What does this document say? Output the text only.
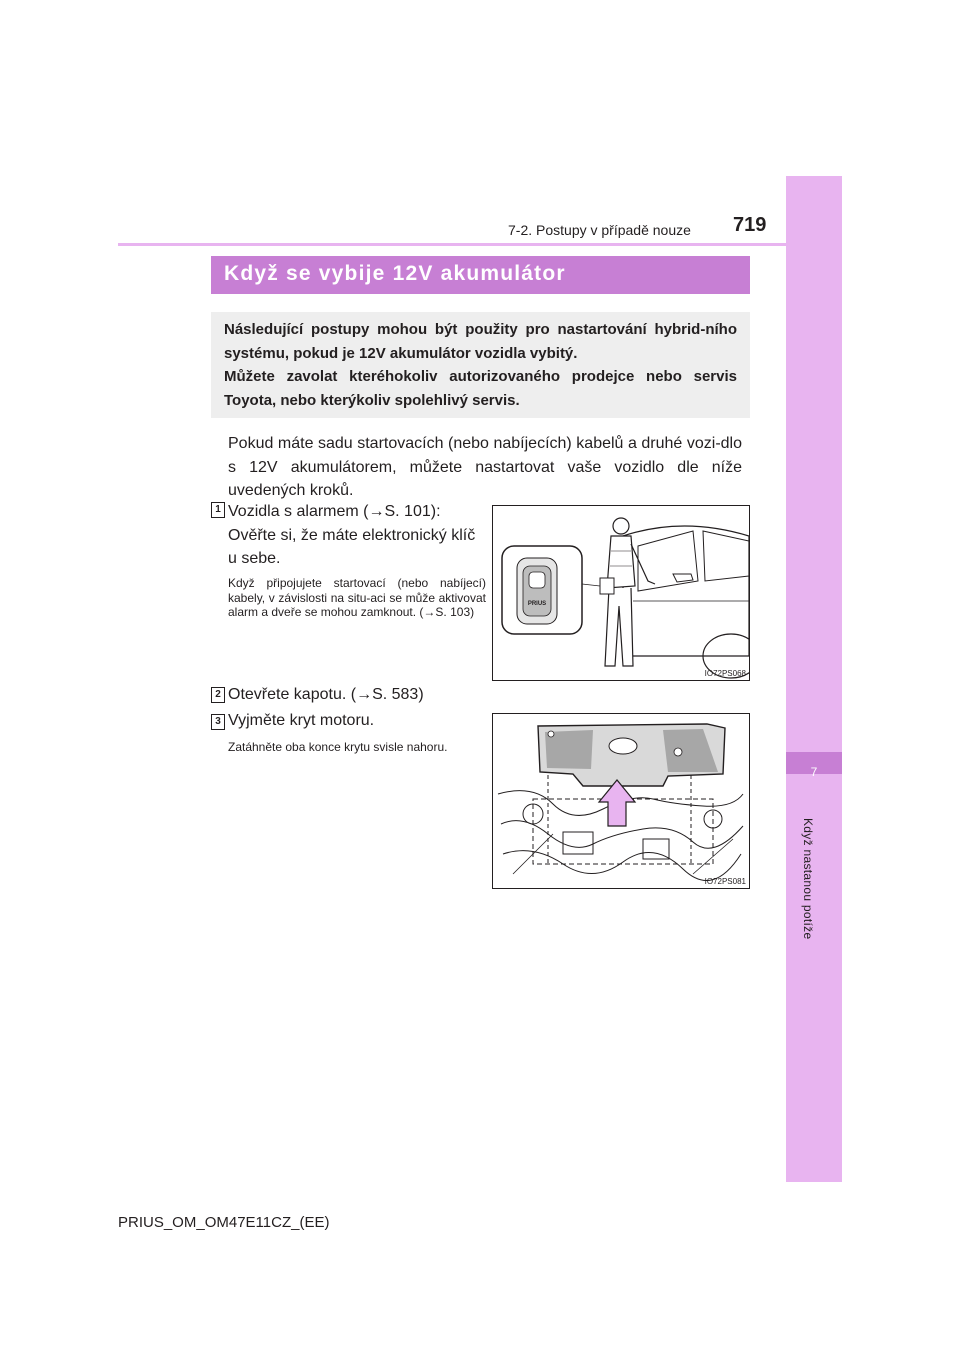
7
Když nastanou potíže
7-2. Postupy v případě nouze 719
Když se vybije 12V akumulátor

Následující postupy mohou být použity pro nastartování hybrid-ního systému, pokud je 12V akumulátor vozidla vybitý.

Můžete zavolat kteréhokoliv autorizovaného prodejce nebo servis Toyota, nebo kterýkoliv spolehlivý servis.

Pokud máte sadu startovacích (nebo nabíjecích) kabelů a druhé vozi-dlo s 12V akumulátorem, můžete nastartovat vaše vozidlo dle níže uvedených kroků.
1 Vozidla s alarmem (→S. 101): Ověřte si, že máte elektronický klíč u sebe.
Když připojujete startovací (nebo nabíjecí) kabely, v závislosti na situ-aci se může aktivovat alarm a dveře se mohou zamknout. (→S. 103)
PRIUS
IO72PS068
2 Otevřete kapotu. (→S. 583)
3 Vyjměte kryt motoru.
Zatáhněte oba konce krytu svisle nahoru.
IO72PS081
PRIUS_OM_OM47E11CZ_(EE)
